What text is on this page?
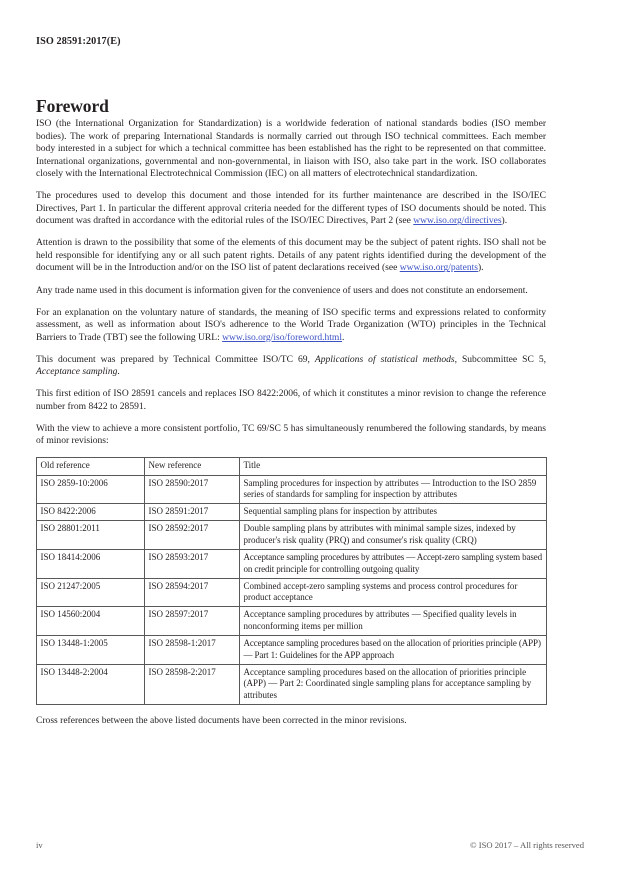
ISO 28591:2017(E)
Foreword

ISO (the International Organization for Standardization) is a worldwide federation of national standards bodies (ISO member bodies). The work of preparing International Standards is normally carried out through ISO technical committees. Each member body interested in a subject for which a technical committee has been established has the right to be represented on that committee. International organizations, governmental and non-governmental, in liaison with ISO, also take part in the work. ISO collaborates closely with the International Electrotechnical Commission (IEC) on all matters of electrotechnical standardization.

The procedures used to develop this document and those intended for its further maintenance are described in the ISO/IEC Directives, Part 1. In particular the different approval criteria needed for the different types of ISO documents should be noted. This document was drafted in accordance with the editorial rules of the ISO/IEC Directives, Part 2 (see www.iso.org/directives).

Attention is drawn to the possibility that some of the elements of this document may be the subject of patent rights. ISO shall not be held responsible for identifying any or all such patent rights. Details of any patent rights identified during the development of the document will be in the Introduction and/or on the ISO list of patent declarations received (see www.iso.org/patents).

Any trade name used in this document is information given for the convenience of users and does not constitute an endorsement.

For an explanation on the voluntary nature of standards, the meaning of ISO specific terms and expressions related to conformity assessment, as well as information about ISO's adherence to the World Trade Organization (WTO) principles in the Technical Barriers to Trade (TBT) see the following URL: www.iso.org/iso/foreword.html.

This document was prepared by Technical Committee ISO/TC 69, Applications of statistical methods, Subcommittee SC 5, Acceptance sampling.

This first edition of ISO 28591 cancels and replaces ISO 8422:2006, of which it constitutes a minor revision to change the reference number from 8422 to 28591.

With the view to achieve a more consistent portfolio, TC 69/SC 5 has simultaneously renumbered the following standards, by means of minor revisions:

Old reference	New reference	Title
ISO 2859-10:2006	ISO 28590:2017	Sampling procedures for inspection by attributes — Introduction to the ISO 2859 series of standards for sampling for inspection by attributes
ISO 8422:2006	ISO 28591:2017	Sequential sampling plans for inspection by attributes
ISO 28801:2011	ISO 28592:2017	Double sampling plans by attributes with minimal sample sizes, indexed by producer's risk quality (PRQ) and consumer's risk quality (CRQ)
ISO 18414:2006	ISO 28593:2017	Acceptance sampling procedures by attributes — Accept-zero sampling system based on credit principle for controlling outgoing quality
ISO 21247:2005	ISO 28594:2017	Combined accept-zero sampling systems and process control procedures for product acceptance
ISO 14560:2004	ISO 28597:2017	Acceptance sampling procedures by attributes — Specified quality levels in nonconforming items per million
ISO 13448-1:2005	ISO 28598-1:2017	Acceptance sampling procedures based on the allocation of priorities principle (APP) — Part 1: Guidelines for the APP approach
ISO 13448-2:2004	ISO 28598-2:2017	Acceptance sampling procedures based on the allocation of priorities principle (APP) — Part 2: Coordinated single sampling plans for acceptance sampling by attributes

Cross references between the above listed documents have been corrected in the minor revisions.

iv	© ISO 2017 – All rights reserved
